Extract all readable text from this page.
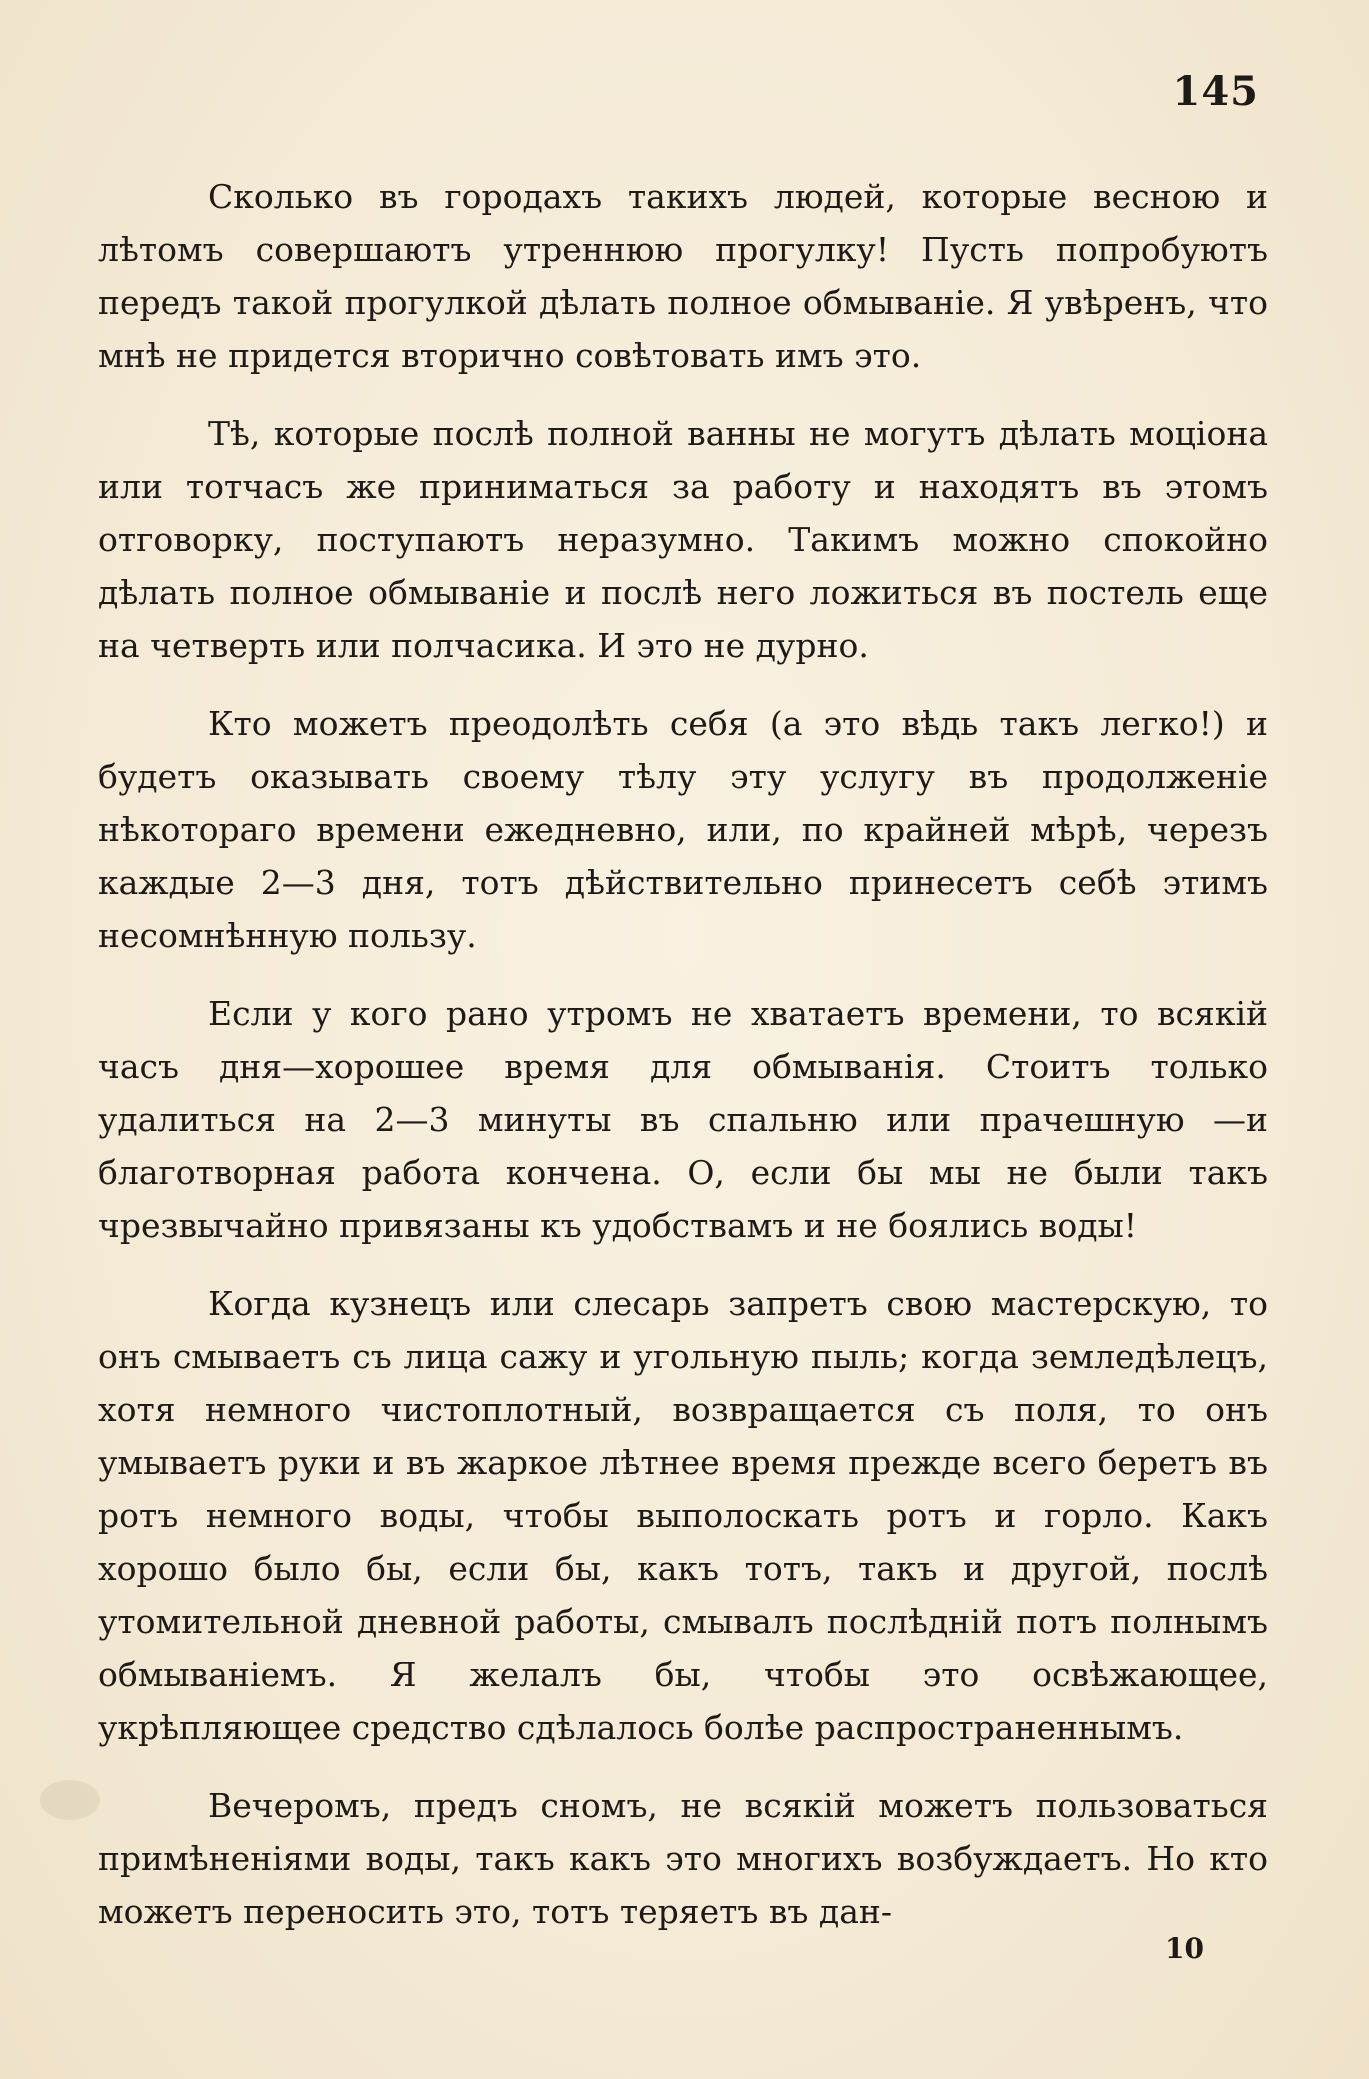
145

Сколько въ городахъ такихъ людей, которые весною и лѣтомъ совершаютъ утреннюю прогулку! Пусть попробуютъ передъ такой прогулкой дѣлать полное обмываніе. Я увѣренъ, что мнѣ не придется вторично совѣтовать имъ это.

Тѣ, которые послѣ полной ванны не могутъ дѣлать моціона или тотчасъ же приниматься за работу и находятъ въ этомъ отговорку, поступаютъ неразумно. Такимъ можно спокойно дѣлать полное обмываніе и послѣ него ложиться въ постель еще на четверть или полчасика. И это не дурно.

Кто можетъ преодолѣть себя (а это вѣдь такъ легко!) и будетъ оказывать своему тѣлу эту услугу въ продолженіе нѣкотораго времени ежедневно, или, по крайней мѣрѣ, черезъ каждые 2—3 дня, тотъ дѣйствительно принесетъ себѣ этимъ несомнѣнную пользу.

Если у кого рано утромъ не хватаетъ времени, то всякій часъ дня—хорошее время для обмыванія. Стоитъ только удалиться на 2—3 минуты въ спальню или прачешную —и благотворная работа кончена. О, если бы мы не были такъ чрезвычайно привязаны къ удобствамъ и не боялись воды!

Когда кузнецъ или слесарь запретъ свою мастерскую, то онъ смываетъ съ лица сажу и угольную пыль; когда земледѣлецъ, хотя немного чистоплотный, возвращается съ поля, то онъ умываетъ руки и въ жаркое лѣтнее время прежде всего беретъ въ ротъ немного воды, чтобы выполоскать ротъ и горло. Какъ хорошо было бы, если бы, какъ тотъ, такъ и другой, послѣ утомительной дневной работы, смывалъ послѣдній потъ полнымъ обмываніемъ. Я желалъ бы, чтобы это освѣжающее, укрѣпляющее средство сдѣлалось болѣе распространеннымъ.

Вечеромъ, предъ сномъ, не всякій можетъ пользоваться примѣненіями воды, такъ какъ это многихъ возбуждаетъ. Но кто можетъ переносить это, тотъ теряетъ въ дан-

10
